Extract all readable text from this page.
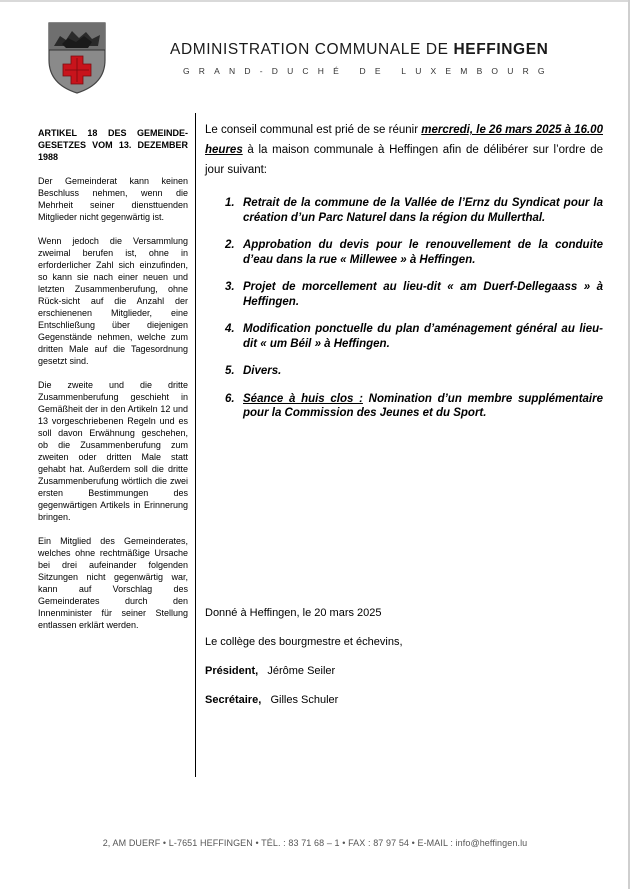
ADMINISTRATION COMMUNALE DE HEFFINGEN
GRAND-DUCHÉ DE LUXEMBOURG
ARTIKEL 18 DES GEMEINDE-GESETZES VOM 13. DEZEMBER 1988

Der Gemeinderat kann keinen Beschluss nehmen, wenn die Mehrheit seiner diensttuenden Mitglieder nicht gegenwärtig ist.

Wenn jedoch die Versammlung zweimal berufen ist, ohne in erforderlicher Zahl sich einzufinden, so kann sie nach einer neuen und letzten Zusammenberufung, ohne Rück-sicht auf die Anzahl der erschienenen Mitglieder, eine Entschließung über diejenigen Gegenstände nehmen, welche zum dritten Male auf die Tagesordnung gesetzt sind.

Die zweite und die dritte Zusammenberufung geschieht in Gemäßheit der in den Artikeln 12 und 13 vorgeschriebenen Regeln und es soll davon Erwähnung geschehen, ob die Zusammenberufung zum zweiten oder dritten Male statt gehabt hat. Außerdem soll die dritte Zusammenberufung wörtlich die zwei ersten Bestimmungen des gegenwärtigen Artikels in Erinnerung bringen.

Ein Mitglied des Gemeinderates, welches ohne rechtmäßige Ursache bei drei aufeinander folgenden Sitzungen nicht gegenwärtig war, kann auf Vorschlag des Gemeinderates durch den Innenminister für seiner Stellung entlassen erklärt werden.

Le conseil communal est prié de se réunir mercredi, le 26 mars 2025 à 16.00 heures à la maison communale à Heffingen afin de délibérer sur l’ordre de jour suivant:

1. Retrait de la commune de la Vallée de l’Ernz du Syndicat pour la création d’un Parc Naturel dans la région du Mullerthal.
2. Approbation du devis pour le renouvellement de la conduite d’eau dans la rue « Millewee » à Heffingen.
3. Projet de morcellement au lieu-dit « am Duerf-Dellegaass » à Heffingen.
4. Modification ponctuelle du plan d’aménagement général au lieu-dit « um Béil » à Heffingen.
5. Divers.
6. Séance à huis clos : Nomination d’un membre supplémentaire pour la Commission des Jeunes et du Sport.

Donné à Heffingen, le 20 mars 2025

Le collège des bourgmestre et échevins,

Président, Jérôme Seiler

Secrétaire, Gilles Schuler

2, AM DUERF • L-7651 HEFFINGEN • TÉL. : 83 71 68 – 1 • FAX : 87 97 54 • E-MAIL : info@heffingen.lu
